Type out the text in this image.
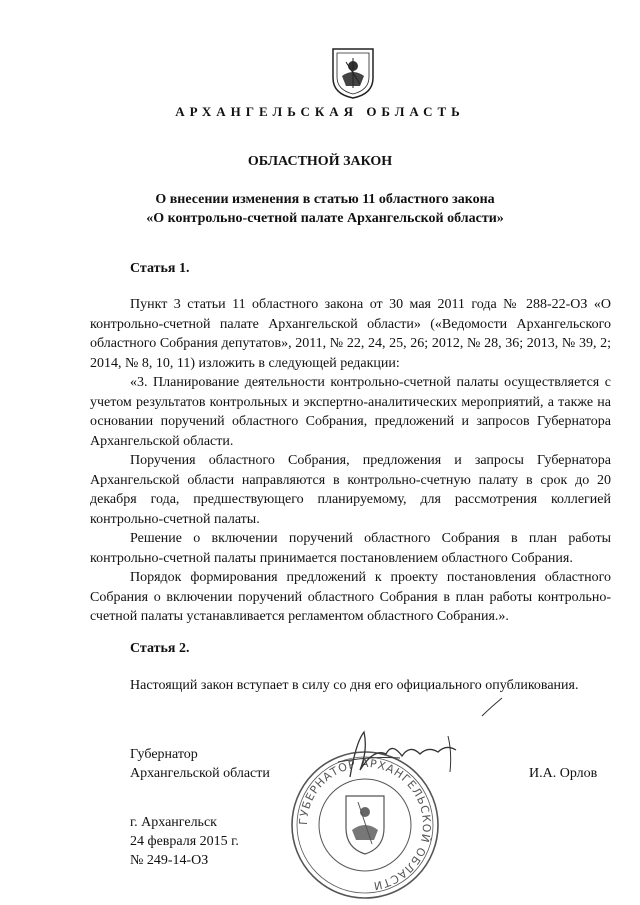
АРХАНГЕЛЬСКАЯ ОБЛАСТЬ
ОБЛАСТНОЙ ЗАКОН
О внесении изменения в статью 11 областного закона
«О контрольно-счетной палате Архангельской области»
Статья 1.

Пункт 3 статьи 11 областного закона от 30 мая 2011 года № 288-22-ОЗ «О контрольно-счетной палате Архангельской области» («Ведомости Архангельского областного Собрания депутатов», 2011, № 22, 24, 25, 26; 2012, № 28, 36; 2013, № 39, 2; 2014, № 8, 10, 11) изложить в следующей редакции:

«3. Планирование деятельности контрольно-счетной палаты осуществляется с учетом результатов контрольных и экспертно-аналитических мероприятий, а также на основании поручений областного Собрания, предложений и запросов Губернатора Архангельской области.

Поручения областного Собрания, предложения и запросы Губернатора Архангельской области направляются в контрольно-счетную палату в срок до 20 декабря года, предшествующего планируемому, для рассмотрения коллегией контрольно-счетной палаты.

Решение о включении поручений областного Собрания в план работы контрольно-счетной палаты принимается постановлением областного Собрания.

Порядок формирования предложений к проекту постановления областного Собрания о включении поручений областного Собрания в план работы контрольно-счетной палаты устанавливается регламентом областного Собрания.».

Статья 2.

Настоящий закон вступает в силу со дня его официального опубликования.

ГУБЕРНАТОР АРХАНГЕЛЬСКОЙ ОБЛАСТИ
Губернатор
Архангельской области	И.А. Орлов
г. Архангельск
24 февраля 2015 г.
№ 249-14-ОЗ
